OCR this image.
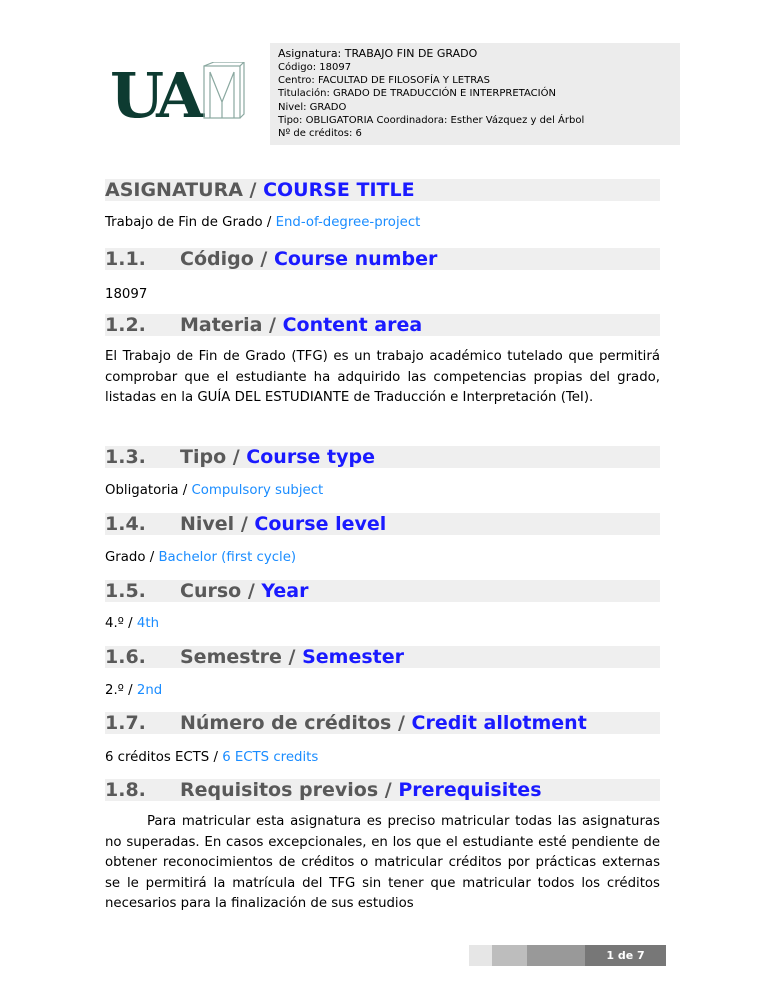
UA
Asignatura: TRABAJO FIN DE GRADO
Código: 18097
Centro: FACULTAD DE FILOSOFÍA Y LETRAS
Titulación: GRADO DE TRADUCCIÓN E INTERPRETACIÓN
Nivel: GRADO
Tipo: OBLIGATORIA Coordinadora: Esther Vázquez y del Árbol
Nº de créditos: 6
ASIGNATURA / COURSE TITLE
Trabajo de Fin de Grado / End-of-degree-project
1.1. Código / Course number
18097
1.2. Materia / Content area
El Trabajo de Fin de Grado (TFG) es un trabajo académico tutelado que permitirá comprobar que el estudiante ha adquirido las competencias propias del grado, listadas en la GUÍA DEL ESTUDIANTE de Traducción e Interpretación (TeI).
1.3. Tipo / Course type
Obligatoria / Compulsory subject
1.4. Nivel / Course level
Grado / Bachelor (first cycle)
1.5. Curso / Year
4.º / 4th
1.6. Semestre / Semester
2.º / 2nd
1.7. Número de créditos / Credit allotment
6 créditos ECTS / 6 ECTS credits
1.8. Requisitos previos / Prerequisites
Para matricular esta asignatura es preciso matricular todas las asignaturas no superadas. En casos excepcionales, en los que el estudiante esté pendiente de obtener reconocimientos de créditos o matricular créditos por prácticas externas se le permitirá la matrícula del TFG sin tener que matricular todos los créditos necesarios para la finalización de sus estudios
1 de 7
